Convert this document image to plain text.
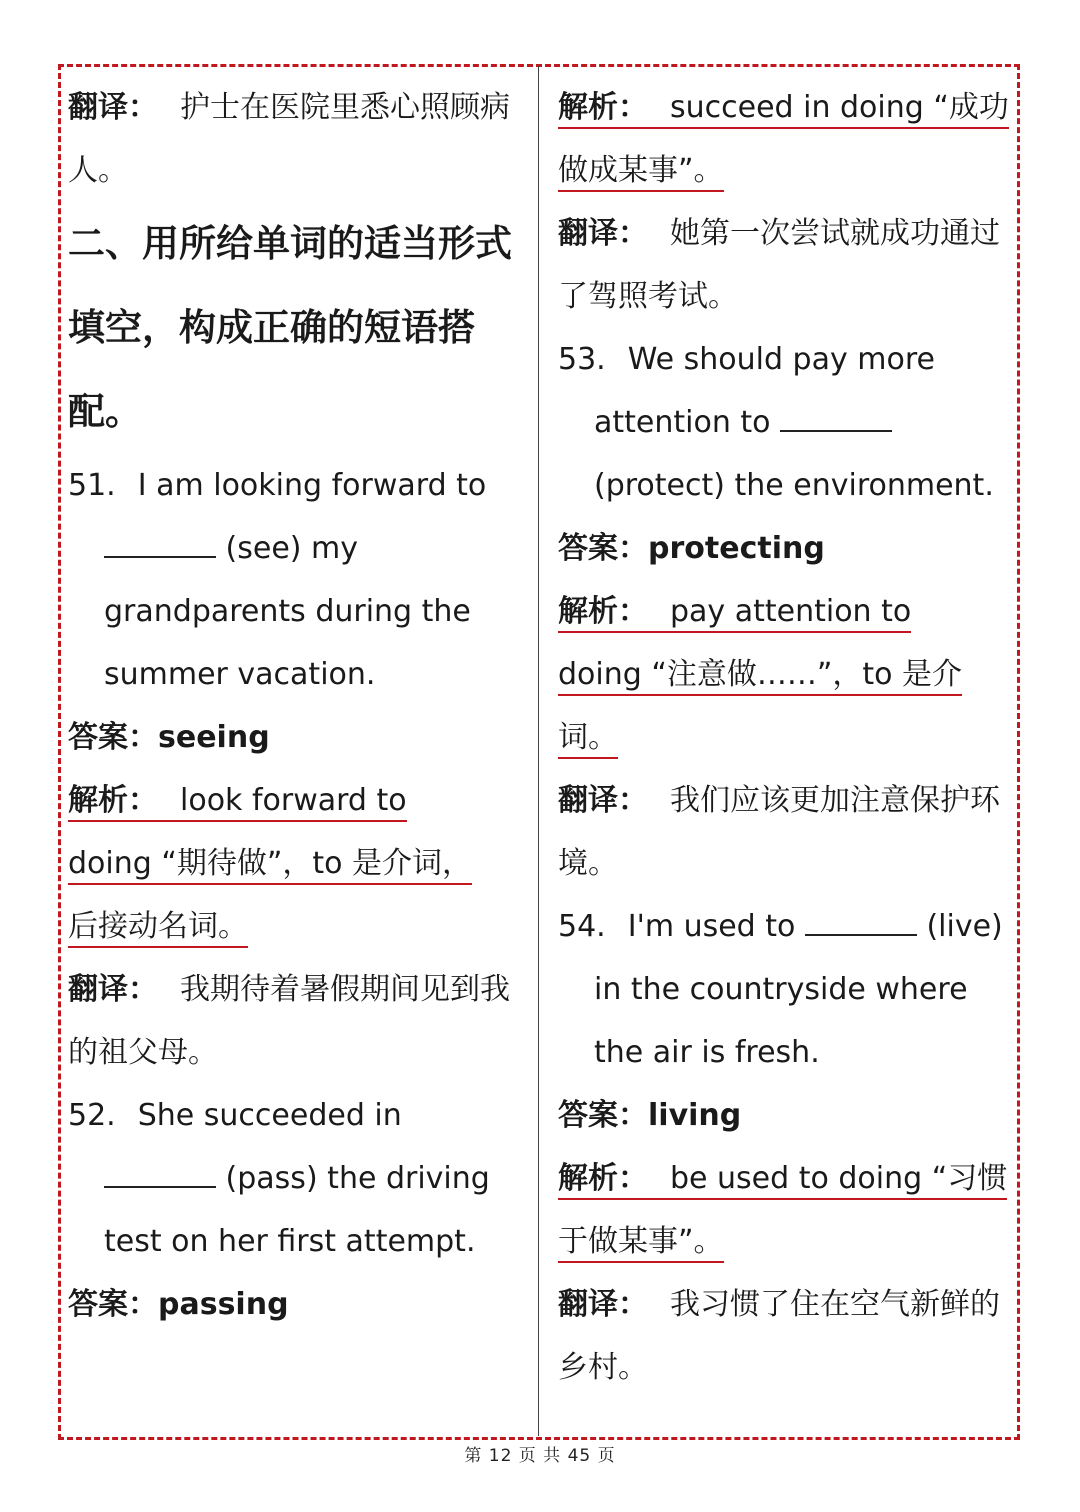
翻译： 护士在医院里悉心照顾病
人。
二、用所给单词的适当形式
填空，构成正确的短语搭
配。
51. I am looking forward to
(see) my
grandparents during the
summer vacation.
答案：seeing
解析： look forward to
doing “期待做”，to 是介词，
后接动名词。
翻译： 我期待着暑假期间见到我
的祖父母。
52. She succeeded in
(pass) the driving
test on her first attempt.
答案：passing
解析： succeed in doing “成功
做成某事”。
翻译： 她第一次尝试就成功通过
了驾照考试。
53. We should pay more
attention to
(protect) the environment.
答案：protecting
解析： pay attention to
doing “注意做……”，to 是介
词。
翻译： 我们应该更加注意保护环
境。
54. I'm used to	(live)
in the countryside where
the air is fresh.
答案：living
解析： be used to doing “习惯
于做某事”。
翻译： 我习惯了住在空气新鲜的
乡村。
第 12 页 共 45 页
